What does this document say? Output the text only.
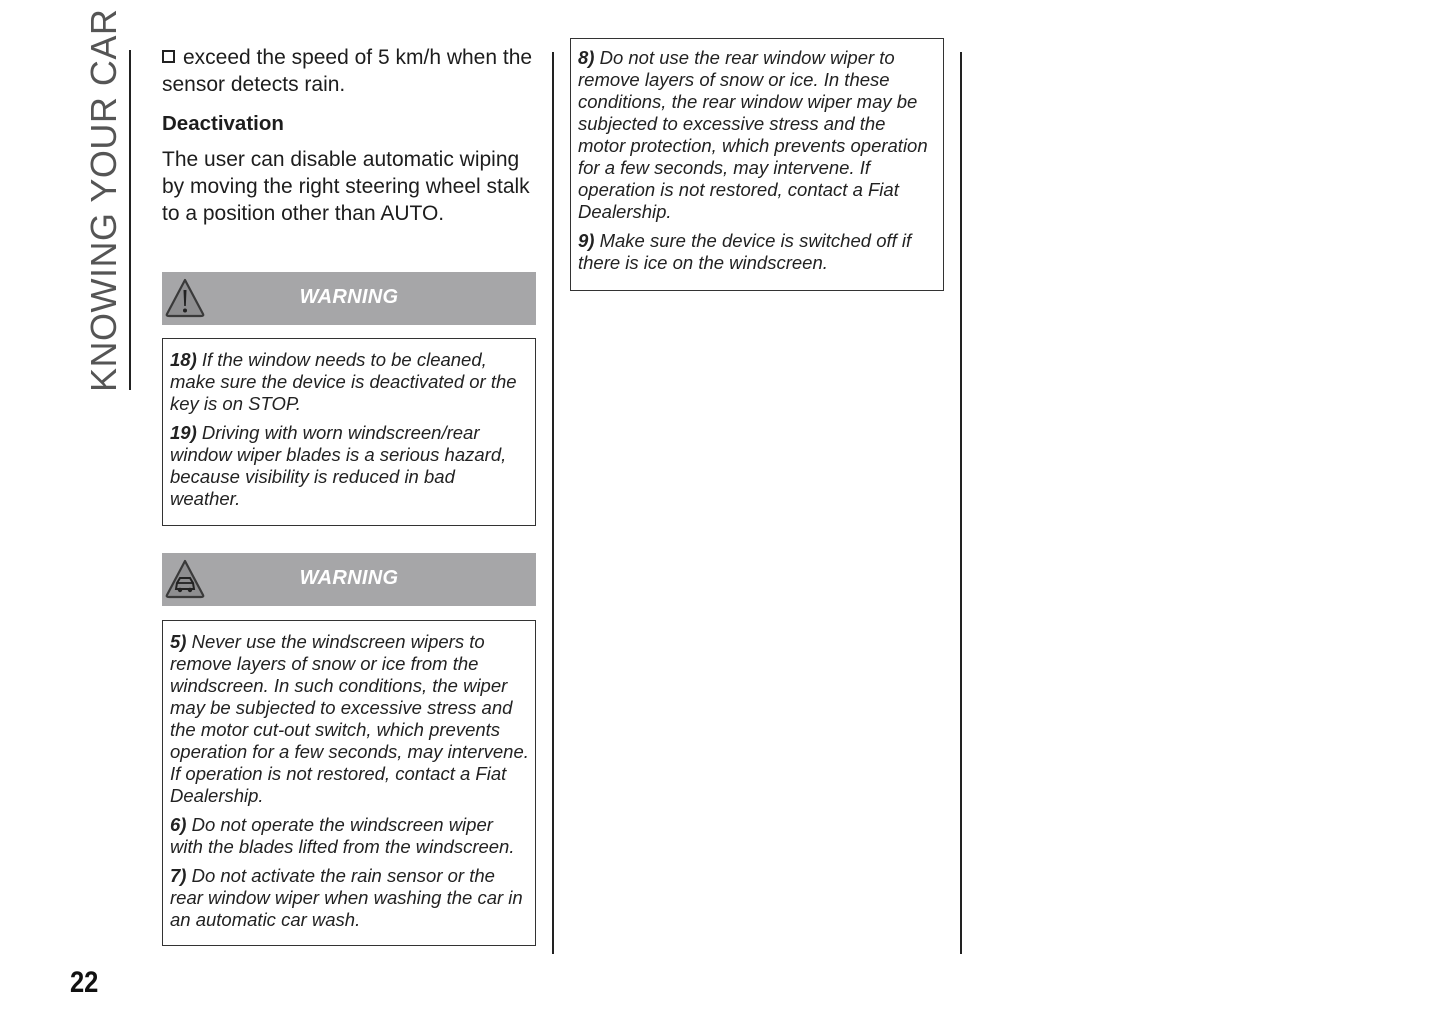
KNOWING YOUR CAR	exceed the speed of 5 km/h when the sensor detects rain.

Deactivation

The user can disable automatic wiping by moving the right steering wheel stalk to a position other than AUTO.

WARNING

18) If the window needs to be cleaned, make sure the device is deactivated or the key is on STOP.

19) Driving with worn windscreen/rear window wiper blades is a serious hazard, because visibility is reduced in bad weather.

WARNING

5) Never use the windscreen wipers to remove layers of snow or ice from the windscreen. In such conditions, the wiper may be subjected to excessive stress and the motor cut-out switch, which prevents operation for a few seconds, may intervene. If operation is not restored, contact a Fiat Dealership.

6) Do not operate the windscreen wiper with the blades lifted from the windscreen.

7) Do not activate the rain sensor or the rear window wiper when washing the car in an automatic car wash.

8) Do not use the rear window wiper to remove layers of snow or ice. In these conditions, the rear window wiper may be subjected to excessive stress and the motor protection, which prevents operation for a few seconds, may intervene. If operation is not restored, contact a Fiat Dealership.

9) Make sure the device is switched off if there is ice on the windscreen.

22
